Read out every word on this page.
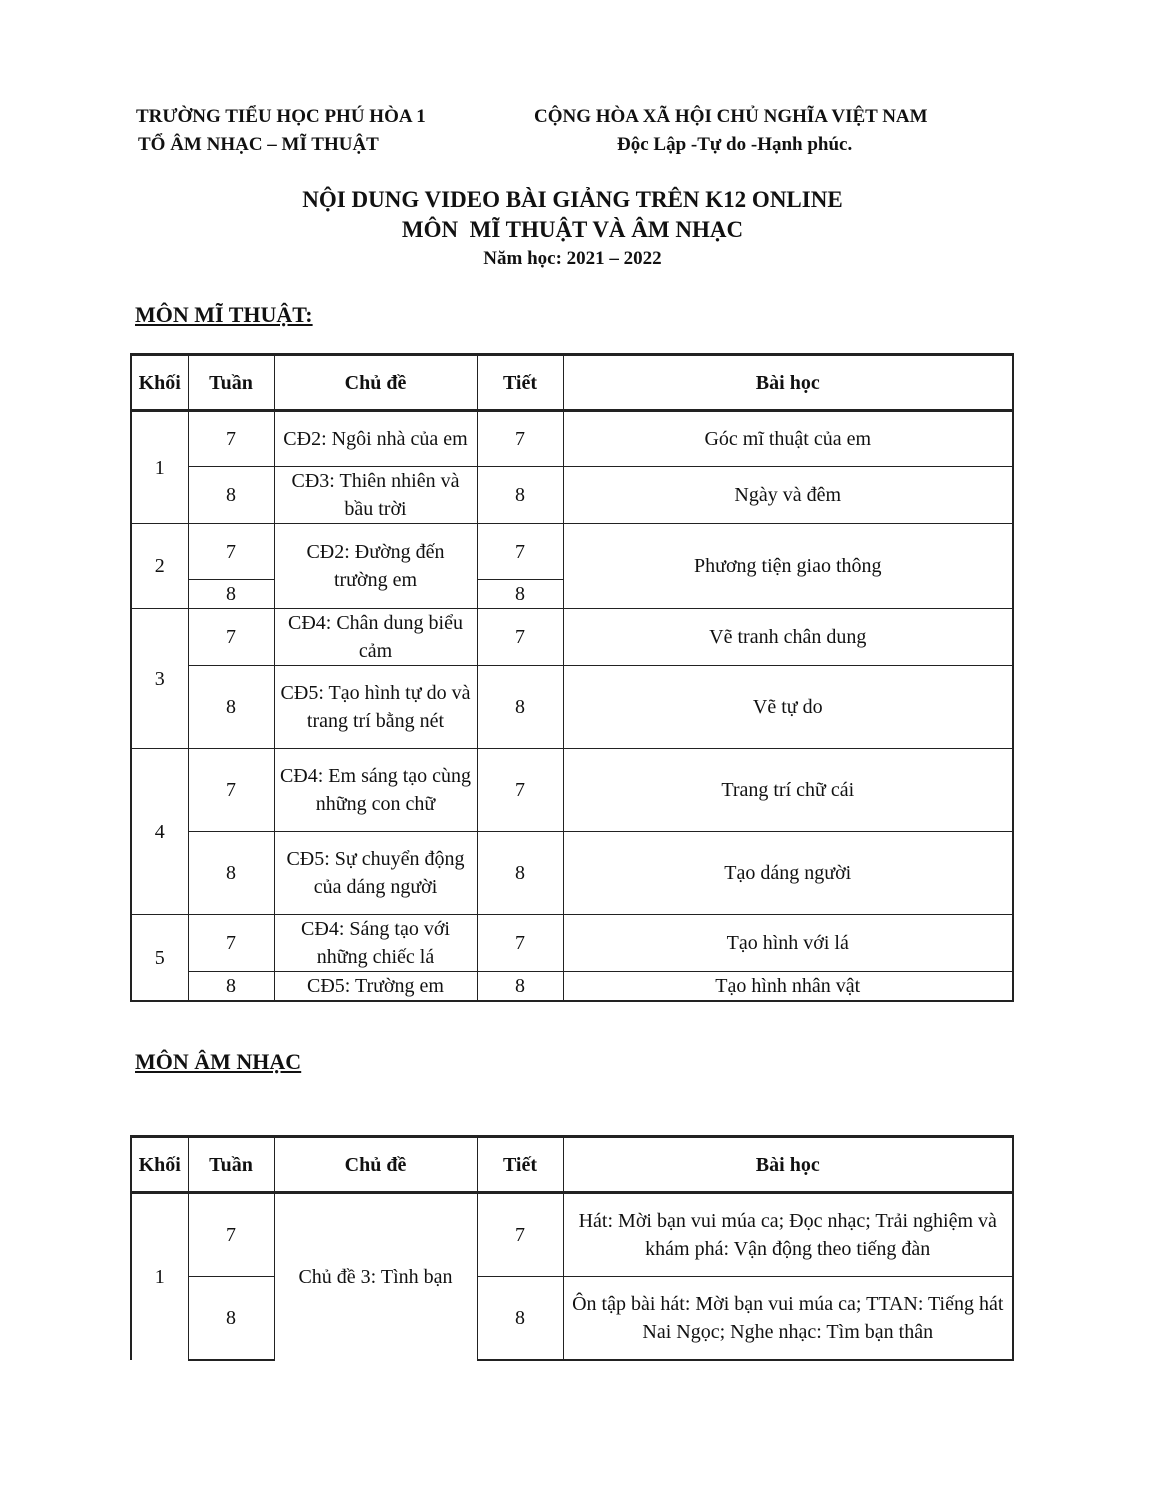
TRƯỜNG TIỂU HỌC PHÚ HÒA 1
TỔ ÂM NHẠC – MĨ THUẬT
CỘNG HÒA XÃ HỘI CHỦ NGHĨA VIỆT NAM
Độc Lập -Tự do -Hạnh phúc.
NỘI DUNG VIDEO BÀI GIẢNG TRÊN K12 ONLINE
MÔN  MĨ THUẬT VÀ ÂM NHẠC
Năm học: 2021 – 2022
MÔN MĨ THUẬT:
Khối	Tuần	Chủ đề	Tiết	Bài học
1	7	CĐ2: Ngôi nhà của em	7	Góc mĩ thuật của em
	8	CĐ3: Thiên nhiên và bầu trời	8	Ngày và đêm
2	7	CĐ2: Đường đến trường em	7	Phương tiện giao thông
	8		8	
3	7	CĐ4: Chân dung biểu cảm	7	Vẽ tranh chân dung
	8	CĐ5: Tạo hình tự do và trang trí bằng nét	8	Vẽ tự do
4	7	CĐ4: Em sáng tạo cùng những con chữ	7	Trang trí chữ cái
	8	CĐ5: Sự chuyển động của dáng người	8	Tạo dáng người
5	7	CĐ4: Sáng tạo với những chiếc lá	7	Tạo hình với lá
	8	CĐ5: Trường em	8	Tạo hình nhân vật
MÔN ÂM NHẠC
Khối	Tuần	Chủ đề	Tiết	Bài học
1	7	Chủ đề 3: Tình bạn	7	Hát: Mời bạn vui múa ca; Đọc nhạc; Trải nghiệm và khám phá: Vận động theo tiếng đàn
	8		8	Ôn tập bài hát: Mời bạn vui múa ca; TTAN: Tiếng hát Nai Ngọc; Nghe nhạc: Tìm bạn thân
